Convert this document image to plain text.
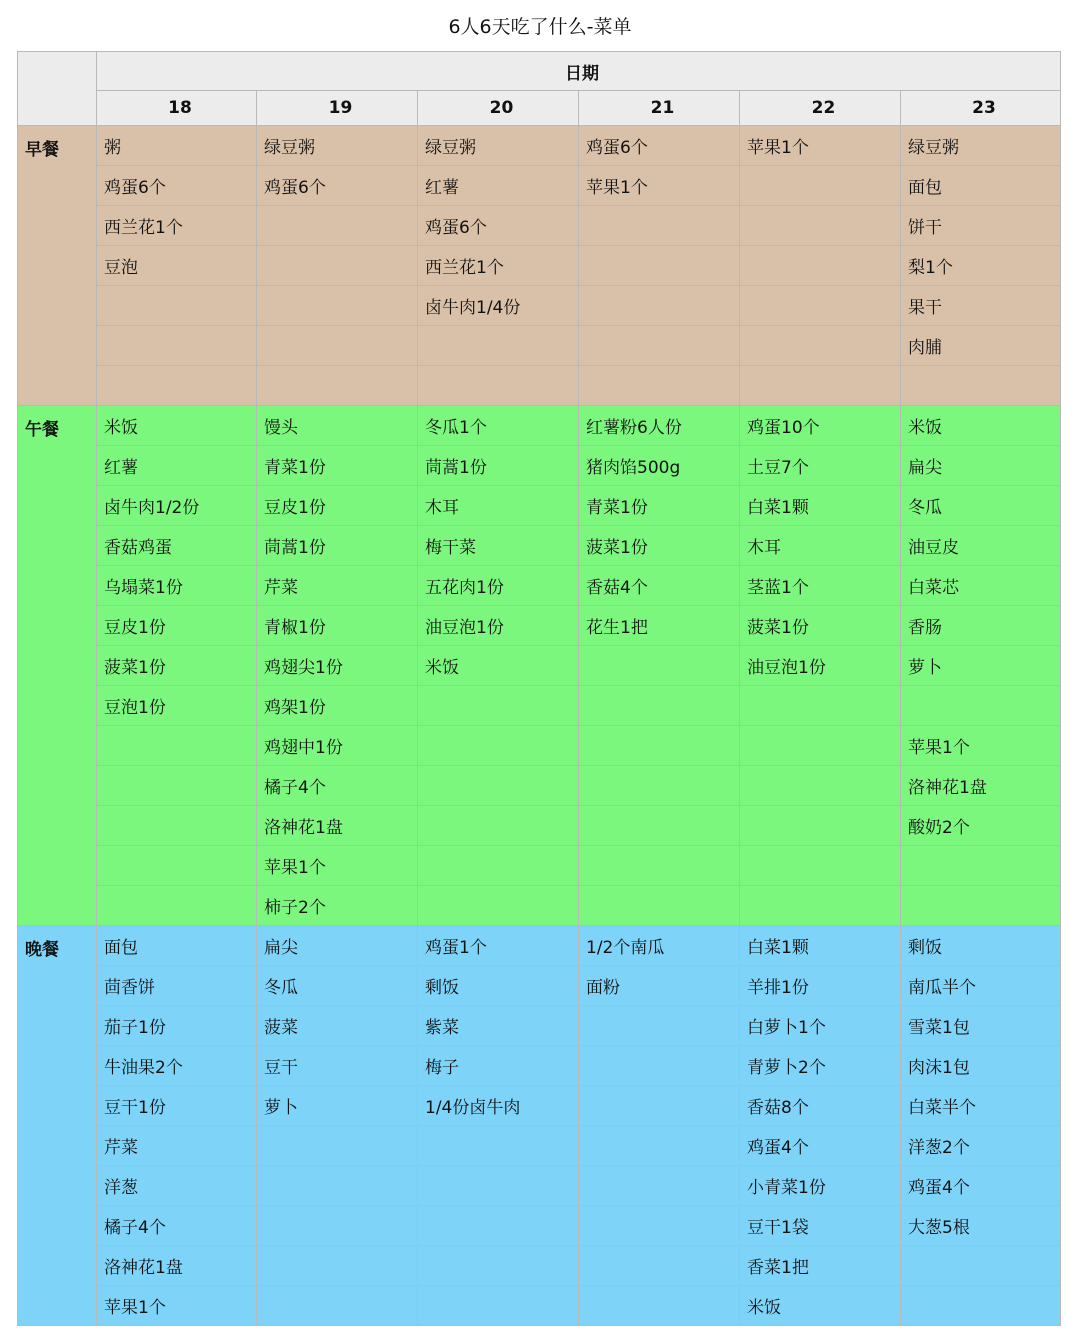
6人6天吃了什么-菜单
	日期					
	18	19	20	21	22	23
早餐	粥	绿豆粥	绿豆粥	鸡蛋6个	苹果1个	绿豆粥
	鸡蛋6个	鸡蛋6个	红薯	苹果1个		面包
	西兰花1个		鸡蛋6个			饼干
	豆泡		西兰花1个			梨1个
			卤牛肉1/4份			果干
						肉脯

午餐	米饭	馒头	冬瓜1个	红薯粉6人份	鸡蛋10个	米饭
	红薯	青菜1份	茼蒿1份	猪肉馅500g	土豆7个	扁尖
	卤牛肉1/2份	豆皮1份	木耳	青菜1份	白菜1颗	冬瓜
	香菇鸡蛋	茼蒿1份	梅干菜	菠菜1份	木耳	油豆皮
	乌塌菜1份	芹菜	五花肉1份	香菇4个	茎蓝1个	白菜芯
	豆皮1份	青椒1份	油豆泡1份	花生1把	菠菜1份	香肠
	菠菜1份	鸡翅尖1份	米饭		油豆泡1份	萝卜
	豆泡1份	鸡架1份				
		鸡翅中1份				苹果1个
		橘子4个				洛神花1盘
		洛神花1盘				酸奶2个
		苹果1个				
		柿子2个				
晚餐	面包	扁尖	鸡蛋1个	1/2个南瓜	白菜1颗	剩饭
	茴香饼	冬瓜	剩饭	面粉	羊排1份	南瓜半个
	茄子1份	菠菜	紫菜		白萝卜1个	雪菜1包
	牛油果2个	豆干	梅子		青萝卜2个	肉沫1包
	豆干1份	萝卜	1/4份卤牛肉		香菇8个	白菜半个
	芹菜				鸡蛋4个	洋葱2个
	洋葱				小青菜1份	鸡蛋4个
	橘子4个				豆干1袋	大葱5根
	洛神花1盘				香菜1把	
	苹果1个				米饭	
